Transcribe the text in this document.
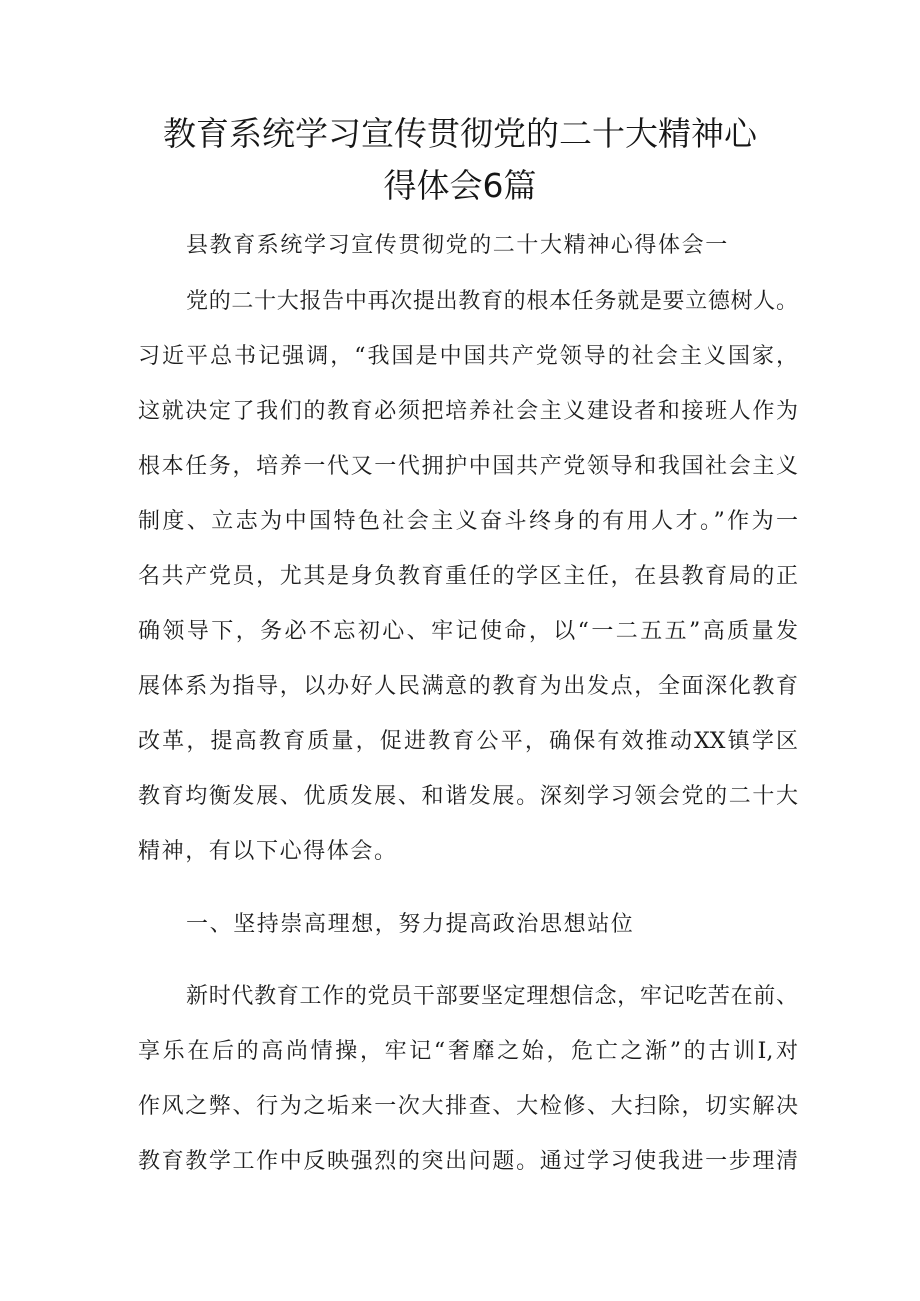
教育系统学习宣传贯彻党的二十大精神心
得体会6篇
县教育系统学习宣传贯彻党的二十大精神心得体会一
党的二十大报告中再次提出教育的根本任务就是要立德树人。
习近平总书记强调，“我国是中国共产党领导的社会主义国家，
这就决定了我们的教育必须把培养社会主义建设者和接班人作为
根本任务，培养一代又一代拥护中国共产党领导和我国社会主义
制度、立志为中国特色社会主义奋斗终身的有用人才。”作为一
名共产党员，尤其是身负教育重任的学区主任，在县教育局的正
确领导下，务必不忘初心、牢记使命，以“一二五五”高质量发
展体系为指导，以办好人民满意的教育为出发点，全面深化教育
改革，提高教育质量，促进教育公平，确保有效推动XX镇学区
教育均衡发展、优质发展、和谐发展。深刻学习领会党的二十大
精神，有以下心得体会。
一、坚持崇高理想，努力提高政治思想站位
新时代教育工作的党员干部要坚定理想信念，牢记吃苦在前、
享乐在后的高尚情操，牢记“奢靡之始，危亡之渐”的古训I,对
作风之弊、行为之垢来一次大排查、大检修、大扫除，切实解决
教育教学工作中反映强烈的突出问题。通过学习使我进一步理清
